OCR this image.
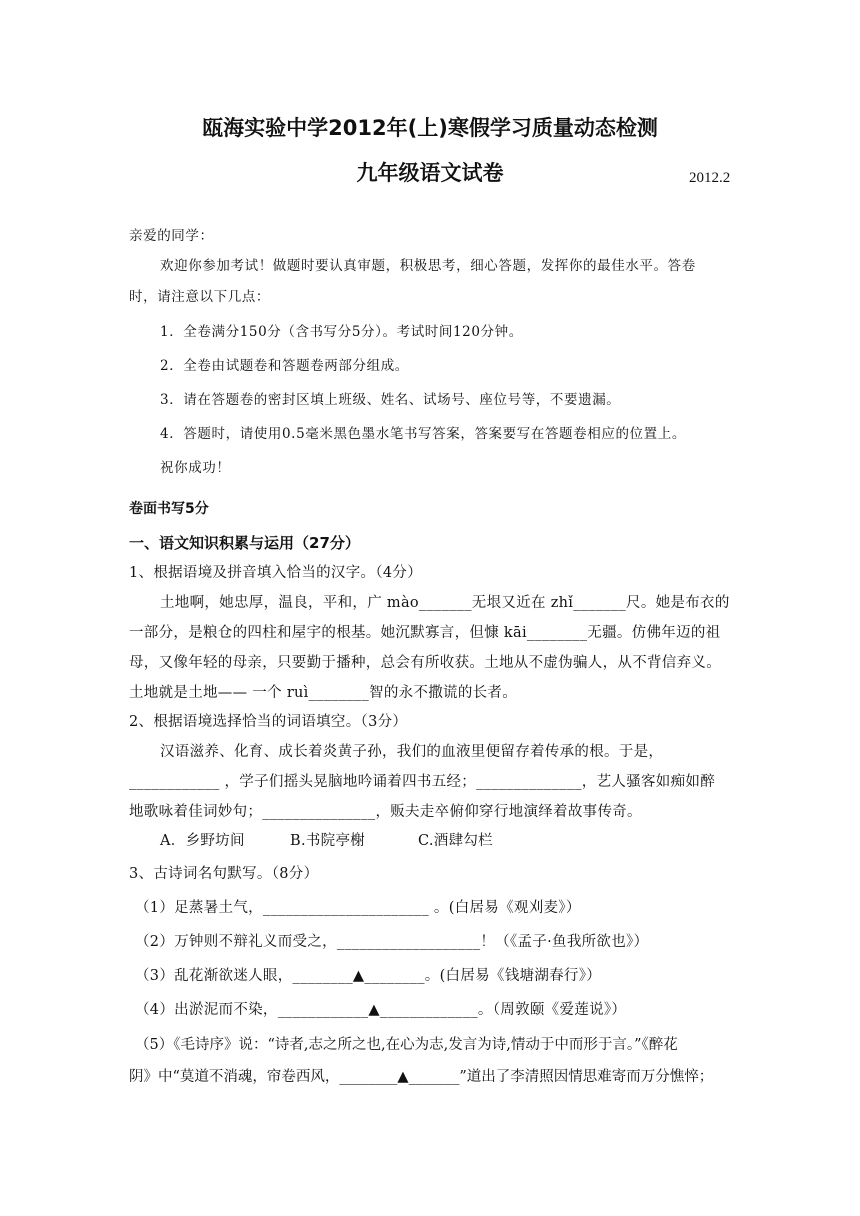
瓯海实验中学2012年(上)寒假学习质量动态检测
九年级语文试卷	2012.2
亲爱的同学：
欢迎你参加考试！做题时要认真审题，积极思考，细心答题，发挥你的最佳水平。答卷
时，请注意以下几点：
1．全卷满分150分（含书写分5分）。考试时间120分钟。
2．全卷由试题卷和答题卷两部分组成。
3．请在答题卷的密封区填上班级、姓名、试场号、座位号等，不要遗漏。
4．答题时，请使用0.5毫米黑色墨水笔书写答案，答案要写在答题卷相应的位置上。
祝你成功！
卷面书写5分
一、语文知识积累与运用（27分）
1、根据语境及拼音填入恰当的汉字。（4分）
土地啊，她忠厚，温良，平和，广 mào_______无垠又近在 zhǐ_______尺。她是布衣的
一部分，是粮仓的四柱和屋宇的根基。她沉默寡言，但慷 kāi________无疆。仿佛年迈的祖
母，又像年轻的母亲，只要勤于播种，总会有所收获。土地从不虚伪骗人，从不背信弃义。
土地就是土地—— 一个 ruì________智的永不撒谎的长者。
2、根据语境选择恰当的词语填空。（3分）
汉语滋养、化育、成长着炎黄子孙，我们的血液里便留存着传承的根。于是，
____________ ，学子们摇头晃脑地吟诵着四书五经；______________，艺人骚客如痴如醉
地歌咏着佳词妙句；_______________，贩夫走卒俯仰穿行地演绎着故事传奇。
A．乡野坊间	B.书院亭榭	C.酒肆勾栏
3、古诗词名句默写。（8分）
（1）足蒸暑土气，______________________ 。(白居易《观刈麦》）
（2）万钟则不辩礼义而受之，___________________！（《孟子·鱼我所欲也》）
（3）乱花渐欲迷人眼，________▲________。(白居易《钱塘湖春行》）
（4）出淤泥而不染，____________▲_____________。（周敦颐《爱莲说》）
（5）《毛诗序》说：“诗者,志之所之也,在心为志,发言为诗,情动于中而形于言。”《醉花
阴》中“莫道不消魂，帘卷西风，________▲_______”道出了李清照因情思难寄而万分憔悴；
